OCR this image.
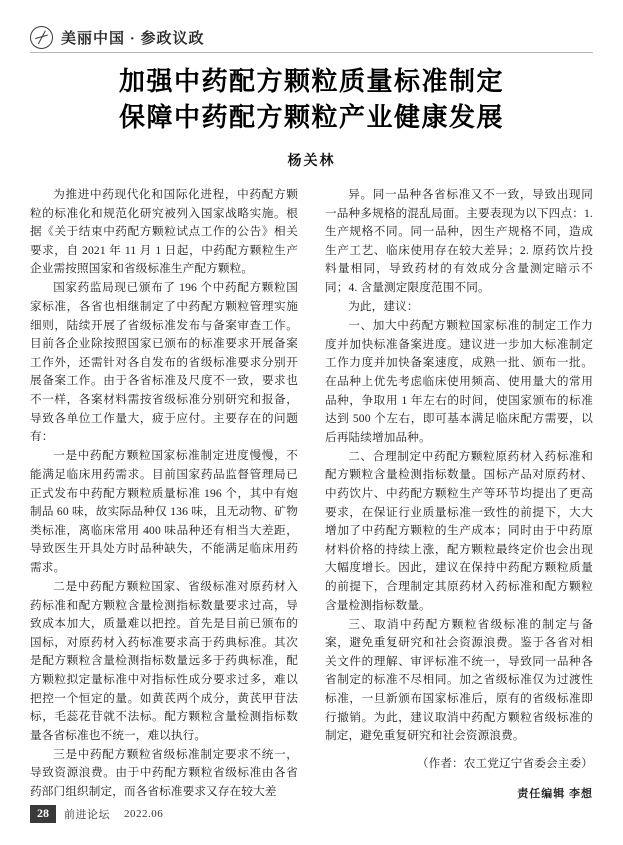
美丽中国 · 参政议政
加强中药配方颗粒质量标准制定
保障中药配方颗粒产业健康发展
杨关林

为推进中药现代化和国际化进程，中药配方颗粒的标准化和规范化研究被列入国家战略实施。根据《关于结束中药配方颗粒试点工作的公告》相关要求，自 2021 年 11 月 1 日起，中药配方颗粒生产企业需按照国家和省级标准生产配方颗粒。

国家药监局现已颁布了 196 个中药配方颗粒国家标准，各省也相继制定了中药配方颗粒管理实施细则，陆续开展了省级标准发布与备案审查工作。目前各企业除按照国家已颁布的标准要求开展备案工作外，还需针对各自发布的省级标准要求分别开展备案工作。由于各省标准及尺度不一致，要求也不一样，各案材料需按省级标准分别研究和报备，导致各单位工作量大，疲于应付。主要存在的问题有：

一是中药配方颗粒国家标准制定进度慢慢，不能满足临床用药需求。目前国家药品监督管理局已正式发布中药配方颗粒质量标准 196 个，其中有炮制品 60 味，故实际品种仅 136 味，且无动物、矿物类标准，离临床常用 400 味品种还有相当大差距，导致医生开具处方时品种缺失，不能满足临床用药需求。

二是中药配方颗粒国家、省级标准对原药材入药标准和配方颗粒含量检测指标数量要求过高，导致成本加大，质量难以把控。首先是目前已颁布的国标，对原药材入药标准要求高于药典标准。其次是配方颗粒含量检测指标数量远多于药典标准，配方颗粒拟定量标准中对指标性成分要求过多，难以把控一个恒定的量。如黄芪两个成分，黄芪甲苷法标，毛蕊花苷就不法标。配方颗粒含量检测指标数量各省标准也不统一，难以执行。

三是中药配方颗粒省级标准制定要求不统一，导致资源浪费。由于中药配方颗粒省级标准由各省药部门组织制定，而各省标准要求又存在较大差

异。同一品种各省标准又不一致，导致出现同一品种多规格的混乱局面。主要表现为以下四点：1. 生产规格不同。同一品种，因生产规格不同，造成生产工艺、临床使用存在较大差异；2. 原药饮片投料量相同，导致药材的有效成分含量测定暗示不同；4. 含量测定限度范围不同。

为此，建议：

一、加大中药配方颗粒国家标准的制定工作力度并加快标准备案进度。建议进一步加大标准制定工作力度并加快备案速度，成熟一批、颁布一批。在品种上优先考虑临床使用频高、使用量大的常用品种，争取用 1 年左右的时间，使国家颁布的标准达到 500 个左右，即可基本满足临床配方需要，以后再陆续增加品种。

二、合理制定中药配方颗粒原药材入药标准和配方颗粒含量检测指标数量。国标产品对原药材、中药饮片、中药配方颗粒生产等环节均提出了更高要求，在保证行业质量标准一致性的前提下，大大增加了中药配方颗粒的生产成本；同时由于中药原材料价格的持续上涨，配方颗粒最终定价也会出现大幅度增长。因此，建议在保持中药配方颗粒质量的前提下，合理制定其原药材入药标准和配方颗粒含量检测指标数量。

三、取消中药配方颗粒省级标准的制定与备案，避免重复研究和社会资源浪费。鉴于各省对相关文件的理解、审评标准不统一，导致同一品种各省制定的标准不尽相同。加之省级标准仅为过渡性标准，一旦新颁布国家标准后，原有的省级标准即行撤销。为此，建议取消中药配方颗粒省级标准的制定，避免重复研究和社会资源浪费。

（作者：农工党辽宁省委会主委）

责任编辑 李想
28	前进论坛 2022.06
